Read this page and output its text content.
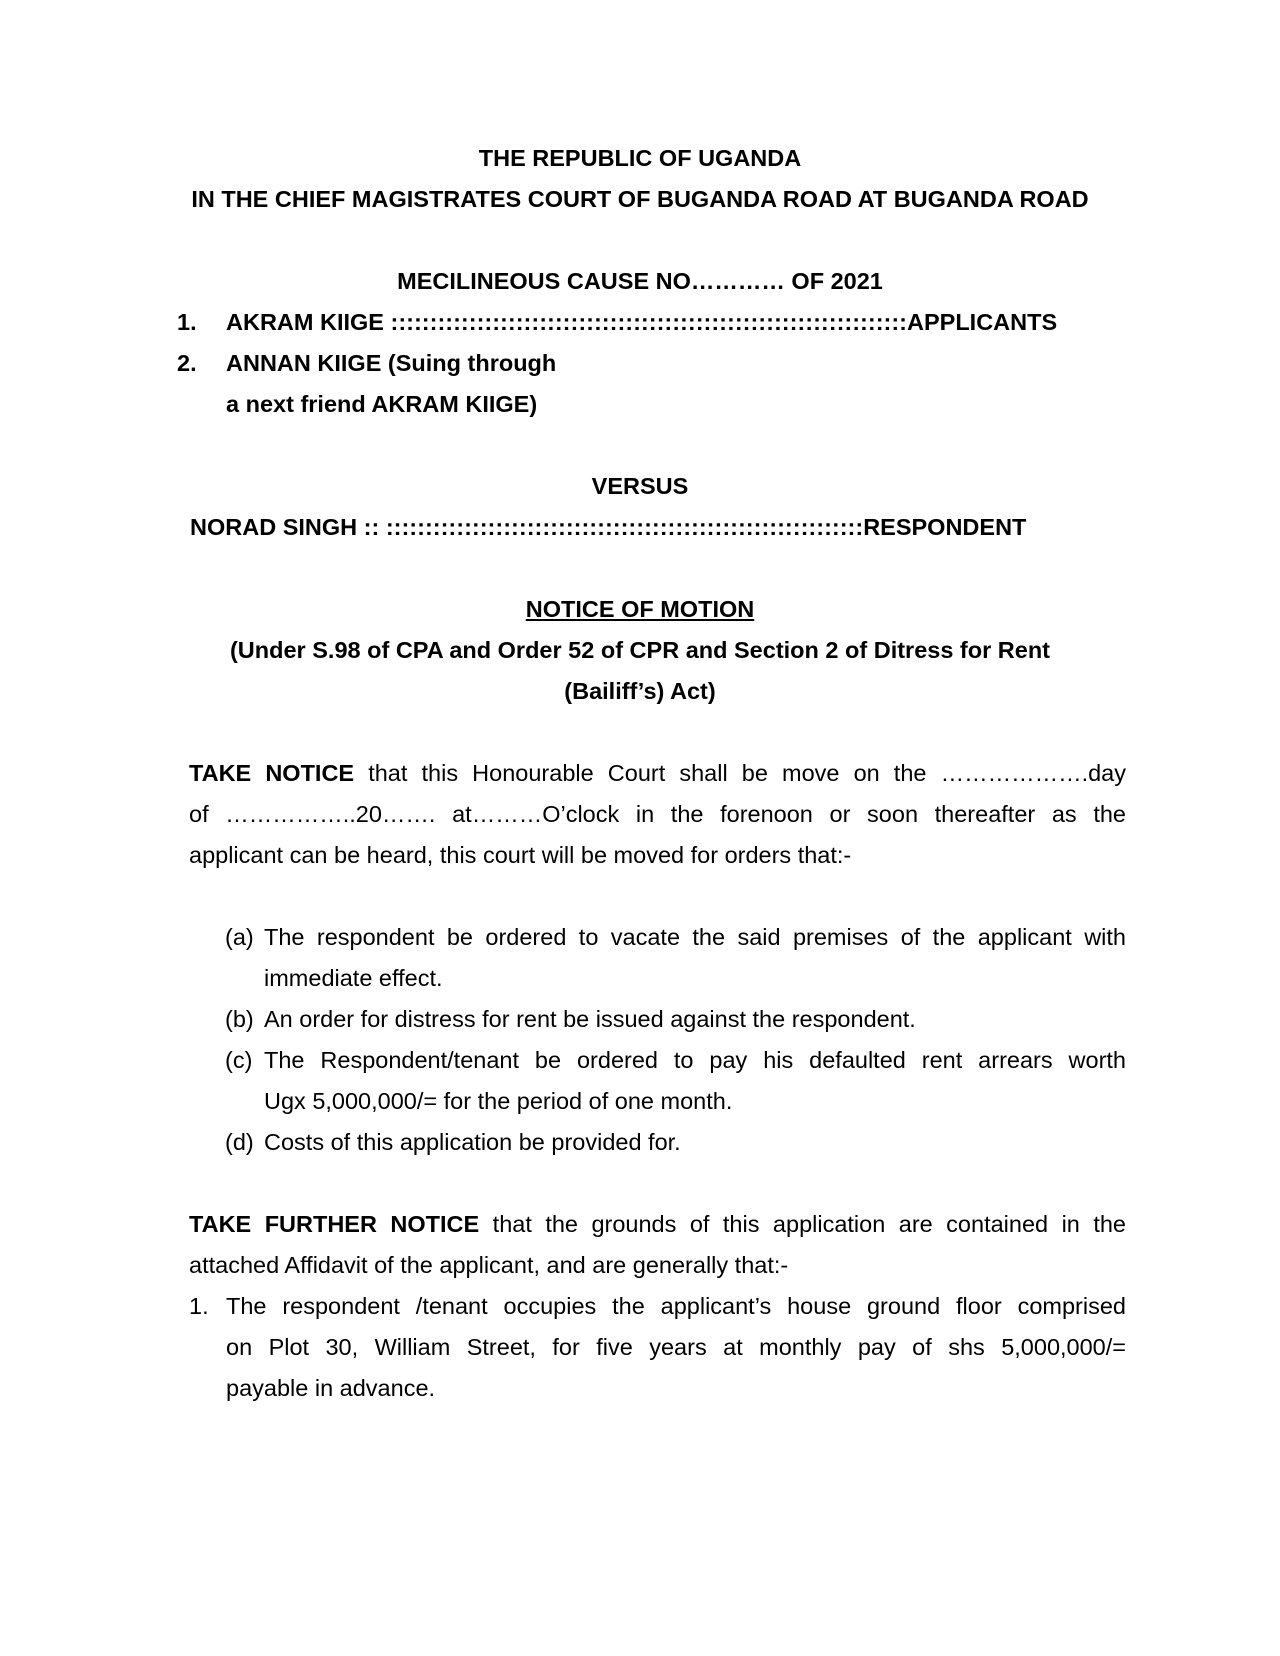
THE REPUBLIC OF UGANDA
IN THE CHIEF MAGISTRATES COURT OF BUGANDA ROAD AT BUGANDA ROAD
MECILINEOUS CAUSE NO………… OF 2021
1. AKRAM KIIGE ::::::::::::::::::::::::::::::::::::::::::::::::::::::::::::::::::APPLICANTS
2. ANNAN KIIGE (Suing through
a next friend AKRAM KIIGE)
VERSUS
NORAD SINGH :: :::::::::::::::::::::::::::::::::::::::::::::::::::::::::::::RESPONDENT
NOTICE OF MOTION
(Under S.98 of CPA and Order 52 of CPR and Section 2 of Ditress for Rent
(Bailiff’s) Act)
TAKE NOTICE that this Honourable Court shall be move on the ……………….day
of ……………..20……. at………O’clock in the forenoon or soon thereafter as the
applicant can be heard, this court will be moved for orders that:-
(a) The respondent be ordered to vacate the said premises of the applicant with
immediate effect.
(b) An order for distress for rent be issued against the respondent.
(c) The Respondent/tenant be ordered to pay his defaulted rent arrears worth
Ugx 5,000,000/= for the period of one month.
(d) Costs of this application be provided for.
TAKE FURTHER NOTICE that the grounds of this application are contained in the
attached Affidavit of the applicant, and are generally that:-
1. The respondent /tenant occupies the applicant’s house ground floor comprised
on Plot 30, William Street, for five years at monthly pay of shs 5,000,000/=
payable in advance.
